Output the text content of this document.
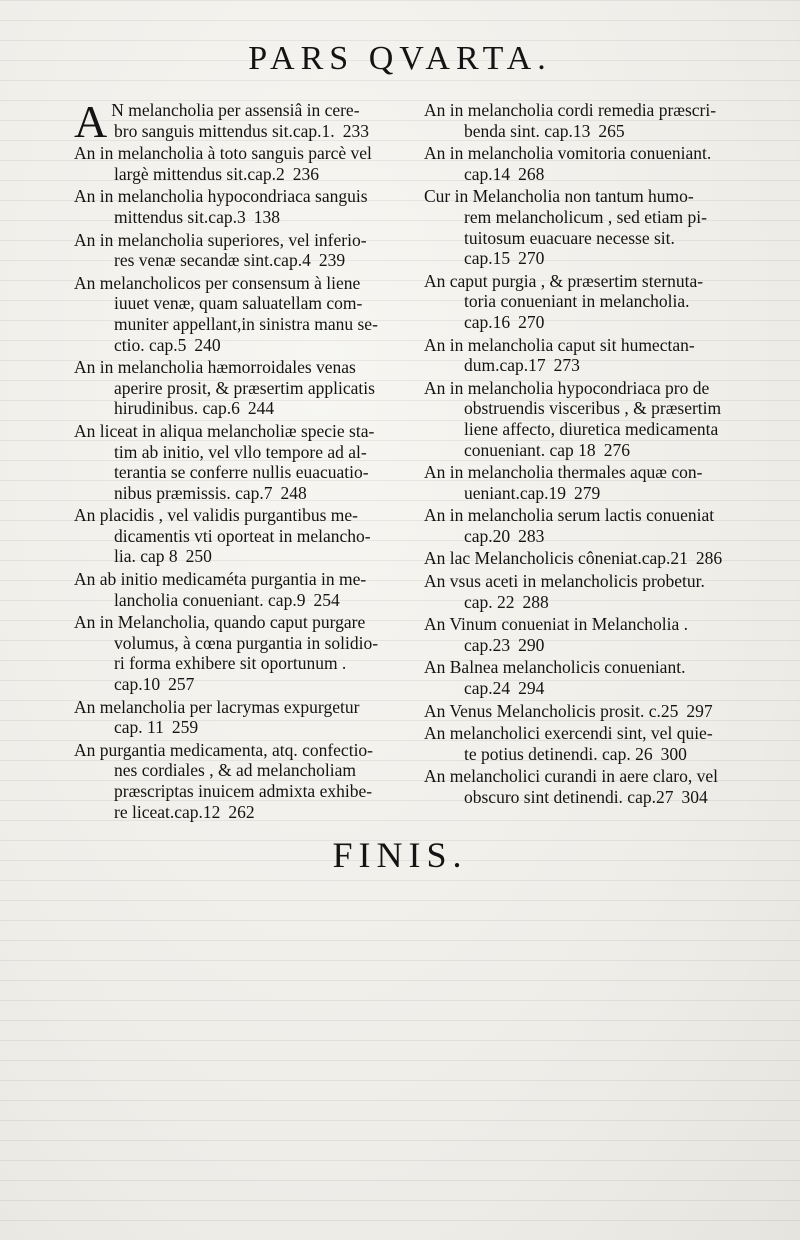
PARS QVARTA.
A N melancholia per assensiâ in cere-
bro sanguis mittendus sit.cap.1. 233
An in melancholia à toto sanguis parcè vel
largè mittendus sit.cap.2 236
An in melancholia hypocondriaca sanguis
mittendus sit.cap.3 138
An in melancholia superiores, vel inferio-
res venæ secandæ sint.cap.4 239
An melancholicos per consensum à liene
iuuet venæ, quam saluatellam com-
muniter appellant,in sinistra manu se-
ctio. cap.5 240
An in melancholia hæmorroidales venas
aperire prosit, & præsertim applicatis
hirudinibus. cap.6 244
An liceat in aliqua melancholiæ specie sta-
tim ab initio, vel vllo tempore ad al-
terantia se conferre nullis euacuatio-
nibus præmissis. cap.7 248
An placidis , vel validis purgantibus me-
dicamentis vti oporteat in melancho-
lia. cap 8 250
An ab initio medicaméta purgantia in me-
lancholia conueniant. cap.9 254
An in Melancholia, quando caput purgare
volumus, à cœna purgantia in solidio-
ri forma exhibere sit oportunum .
cap.10 257
An melancholia per lacrymas expurgetur
cap. 11 259
An purgantia medicamenta, atq. confectio-
nes cordiales , & ad melancholiam
præscriptas inuicem admixta exhibe-
re liceat.cap.12 262
An in melancholia cordi remedia præscri-
benda sint. cap.13 265
An in melancholia vomitoria conueniant.
cap.14 268
Cur in Melancholia non tantum humo-
rem melancholicum , sed etiam pi-
tuitosum euacuare necesse sit.
cap.15 270
An caput purgia , & præsertim sternuta-
toria conueniant in melancholia.
cap.16 270
An in melancholia caput sit humectan-
dum.cap.17 273
An in melancholia hypocondriaca pro de
obstruendis visceribus , & præsertim
liene affecto, diuretica medicamenta
conueniant. cap 18 276
An in melancholia thermales aquæ con-
ueniant.cap.19 279
An in melancholia serum lactis conueniat
cap.20 283
An lac Melancholicis côneniat.cap.21 286
An vsus aceti in melancholicis probetur.
cap. 22 288
An Vinum conueniat in Melancholia .
cap.23 290
An Balnea melancholicis conueniant.
cap.24 294
An Venus Melancholicis prosit. c.25 297
An melancholici exercendi sint, vel quie-
te potius detinendi. cap. 26 300
An melancholici curandi in aere claro, vel
obscuro sint detinendi. cap.27 304
FINIS.
